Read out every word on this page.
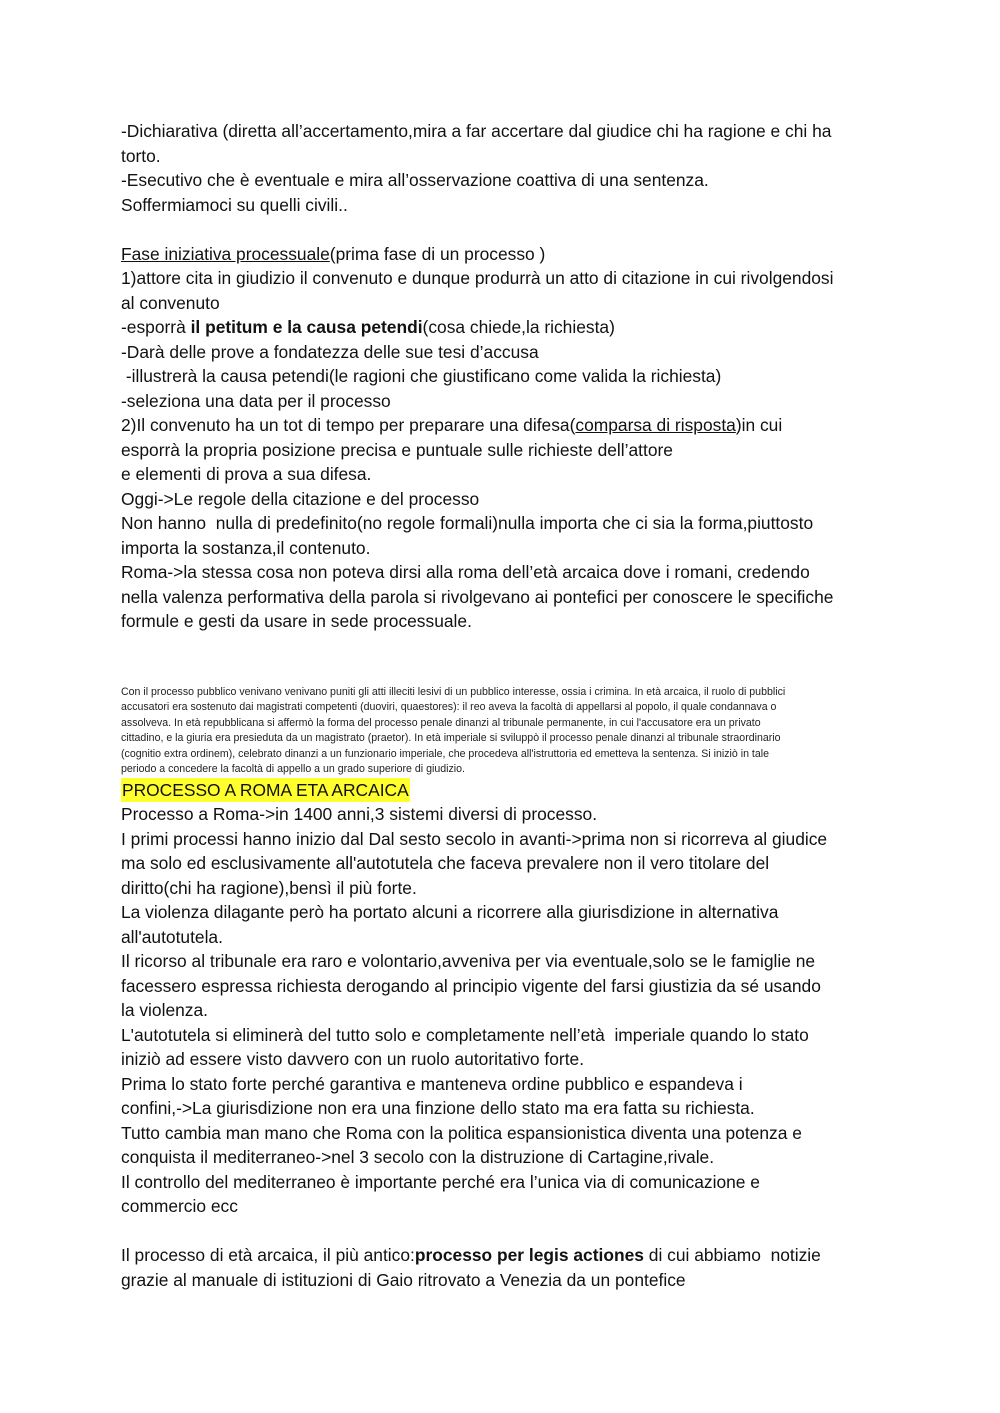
-Dichiarativa (diretta all’accertamento,mira a far accertare dal giudice chi ha ragione e chi ha

torto.

-Esecutivo che è eventuale e mira all’osservazione coattiva di una sentenza.

Soffermiamoci su quelli civili..

Fase iniziativa processuale(prima fase di un processo )

1)attore cita in giudizio il convenuto e dunque produrrà un atto di citazione in cui rivolgendosi

al convenuto

-esporrà il petitum e la causa petendi(cosa chiede,la richiesta)

-Darà delle prove a fondatezza delle sue tesi d’accusa

-illustrerà la causa petendi(le ragioni che giustificano come valida la richiesta)

-seleziona una data per il processo

2)Il convenuto ha un tot di tempo per preparare una difesa(comparsa di risposta)in cui

esporrà la propria posizione precisa e puntuale sulle richieste dell’attore

e elementi di prova a sua difesa.

Oggi->Le regole della citazione e del processo

Non hanno  nulla di predefinito(no regole formali)nulla importa che ci sia la forma,piuttosto

importa la sostanza,il contenuto.

Roma->la stessa cosa non poteva dirsi alla roma dell’età arcaica dove i romani, credendo

nella valenza performativa della parola si rivolgevano ai pontefici per conoscere le specifiche

formule e gesti da usare in sede processuale.

Con il processo pubblico venivano venivano puniti gli atti illeciti lesivi di un pubblico interesse, ossia i crimina. In età arcaica, il ruolo di pubblici

accusatori era sostenuto dai magistrati competenti (duoviri, quaestores): il reo aveva la facoltà di appellarsi al popolo, il quale condannava o

assolveva. In età repubblicana si affermò la forma del processo penale dinanzi al tribunale permanente, in cui l'accusatore era un privato

cittadino, e la giuria era presieduta da un magistrato (praetor). In età imperiale si sviluppò il processo penale dinanzi al tribunale straordinario

(cognitio extra ordinem), celebrato dinanzi a un funzionario imperiale, che procedeva all'istruttoria ed emetteva la sentenza. Si iniziò in tale

periodo a concedere la facoltà di appello a un grado superiore di giudizio.

PROCESSO A ROMA ETA ARCAICA

Processo a Roma->in 1400 anni,3 sistemi diversi di processo.

I primi processi hanno inizio dal Dal sesto secolo in avanti->prima non si ricorreva al giudice

ma solo ed esclusivamente all'autotutela che faceva prevalere non il vero titolare del

diritto(chi ha ragione),bensì il più forte.

La violenza dilagante però ha portato alcuni a ricorrere alla giurisdizione in alternativa

all'autotutela.

Il ricorso al tribunale era raro e volontario,avveniva per via eventuale,solo se le famiglie ne

facessero espressa richiesta derogando al principio vigente del farsi giustizia da sé usando

la violenza.

L'autotutela si eliminerà del tutto solo e completamente nell’età  imperiale quando lo stato

iniziò ad essere visto davvero con un ruolo autoritativo forte.

Prima lo stato forte perché garantiva e manteneva ordine pubblico e espandeva i

confini,->La giurisdizione non era una finzione dello stato ma era fatta su richiesta.

Tutto cambia man mano che Roma con la politica espansionistica diventa una potenza e

conquista il mediterraneo->nel 3 secolo con la distruzione di Cartagine,rivale.

Il controllo del mediterraneo è importante perché era l’unica via di comunicazione e

commercio ecc

Il processo di età arcaica, il più antico:processo per legis actiones di cui abbiamo  notizie

grazie al manuale di istituzioni di Gaio ritrovato a Venezia da un pontefice
